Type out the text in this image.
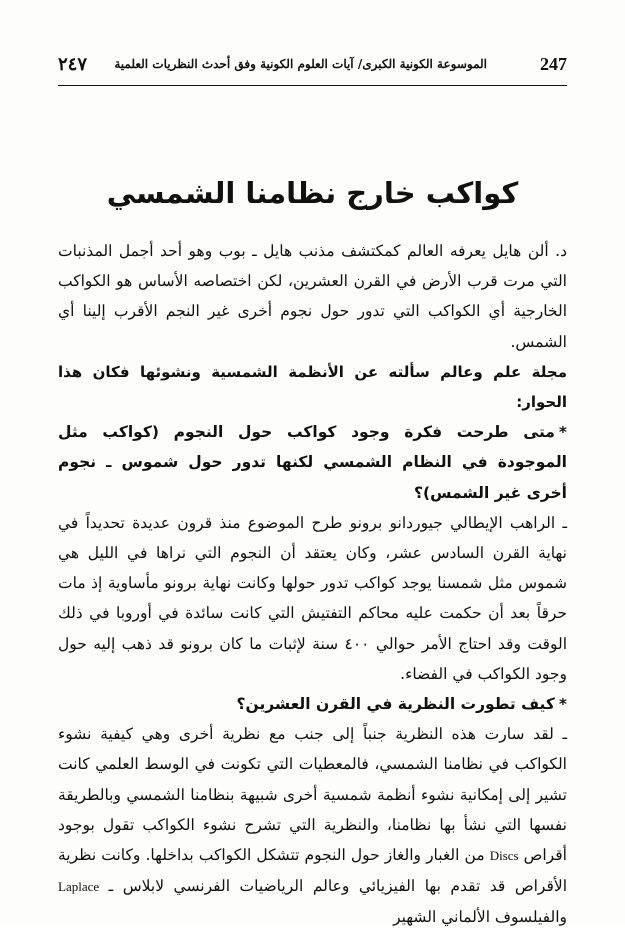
٢٤٧ الموسوعة الكونية الكبرى/ آيات العلوم الكونية وفق أحدث النظريات العلمية	247
كواكب خارج نظامنا الشمسي

د. ألن هايل يعرفه العالم كمكتشف مذنب هايل ـ بوب وهو أحد أجمل المذنبات التي مرت قرب الأرض في القرن العشرين، لكن اختصاصه الأساس هو الكواكب الخارجية أي الكواكب التي تدور حول نجوم أخرى غير النجم الأقرب إلينا أي الشمس.

مجلة علم وعالم سألته عن الأنظمة الشمسية ونشوئها فكان هذا الحوار:

*متى طرحت فكرة وجود كواكب حول النجوم (كواكب مثل الموجودة في النظام الشمسي لكنها تدور حول شموس ـ نجوم أخرى غير الشمس)؟

ـ الراهب الإيطالي جيوردانو برونو طرح الموضوع منذ قرون عديدة تحديداً في نهاية القرن السادس عشر، وكان يعتقد أن النجوم التي نراها في الليل هي شموس مثل شمسنا يوجد كواكب تدور حولها وكانت نهاية برونو مأساوية إذ مات حرقاً بعد أن حكمت عليه محاكم التفتيش التي كانت سائدة في أوروبا في ذلك الوقت وقد احتاج الأمر حوالي ٤٠٠ سنة لإثبات ما كان برونو قد ذهب إليه حول وجود الكواكب في الفضاء.

*كيف تطورت النظرية في القرن العشرين؟

ـ لقد سارت هذه النظرية جنباً إلى جنب مع نظرية أخرى وهي كيفية نشوء الكواكب في نظامنا الشمسي، فالمعطيات التي تكونت في الوسط العلمي كانت تشير إلى إمكانية نشوء أنظمة شمسية أخرى شبيهة بنظامنا الشمسي وبالطريقة نفسها التي نشأ بها نظامنا، والنظرية التي تشرح نشوء الكواكب تقول بوجود أقراص Discs من الغبار والغاز حول النجوم تتشكل الكواكب بداخلها. وكانت نظرية الأقراص قد تقدم بها الفيزيائي وعالم الرياضيات الفرنسي لابلاس ـ Laplace والفيلسوف الألماني الشهير
